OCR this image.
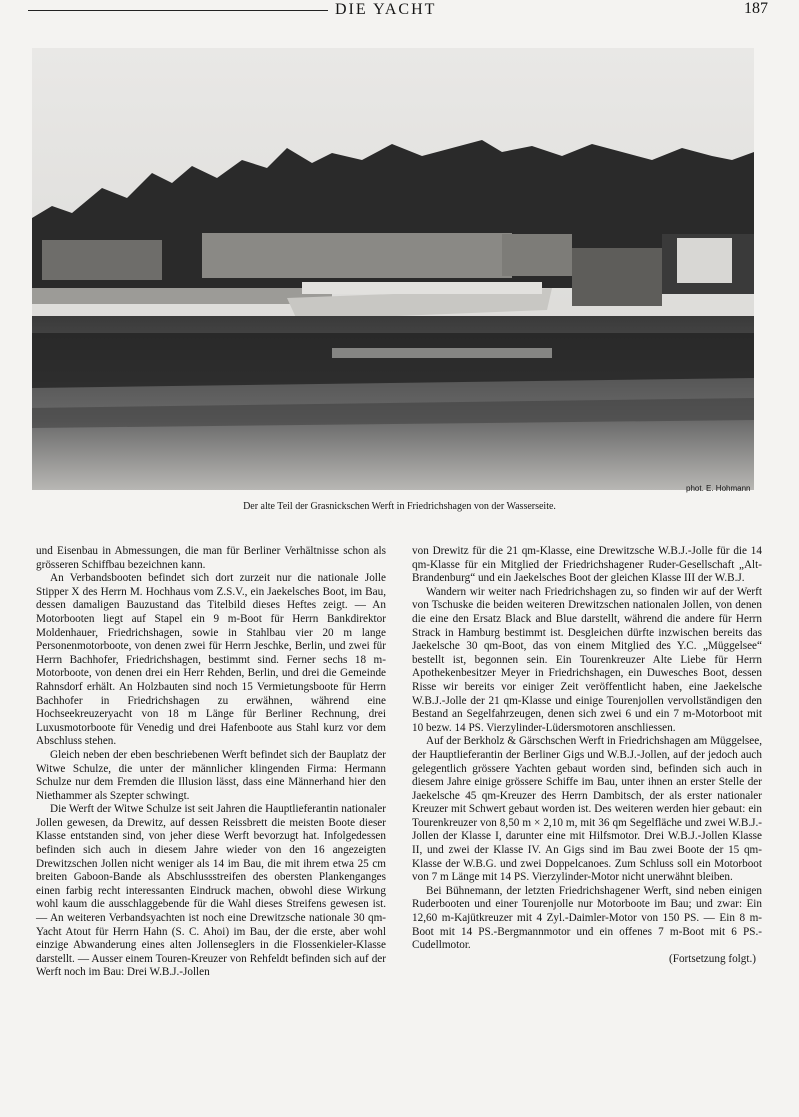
DIE YACHT	187
phot. E. Hohmann
Der alte Teil der Grasnickschen Werft in Friedrichshagen von der Wasserseite.

und Eisenbau in Abmessungen, die man für Berliner Verhältnisse schon als grösseren Schiffbau bezeichnen kann.

An Verbandsbooten befindet sich dort zurzeit nur die nationale Jolle Stipper X des Herrn M. Hochhaus vom Z.S.V., ein Jaekelsches Boot, im Bau, dessen damaligen Bauzustand das Titelbild dieses Heftes zeigt. — An Motorbooten liegt auf Stapel ein 9 m-Boot für Herrn Bankdirektor Moldenhauer, Friedrichshagen, sowie in Stahlbau vier 20 m lange Personenmotorboote, von denen zwei für Herrn Jeschke, Berlin, und zwei für Herrn Bachhofer, Friedrichshagen, bestimmt sind. Ferner sechs 18 m-Motorboote, von denen drei ein Herr Rehden, Berlin, und drei die Gemeinde Rahnsdorf erhält. An Holzbauten sind noch 15 Vermietungsboote für Herrn Bachhofer in Friedrichshagen zu erwähnen, während eine Hochseekreuzeryacht von 18 m Länge für Berliner Rechnung, drei Luxusmotorboote für Venedig und drei Hafenboote aus Stahl kurz vor dem Abschluss stehen.

Gleich neben der eben beschriebenen Werft befindet sich der Bauplatz der Witwe Schulze, die unter der männlicher klingenden Firma: Hermann Schulze nur dem Fremden die Illusion lässt, dass eine Männerhand hier den Niethammer als Szepter schwingt.

Die Werft der Witwe Schulze ist seit Jahren die Hauptlieferantin nationaler Jollen gewesen, da Drewitz, auf dessen Reissbrett die meisten Boote dieser Klasse entstanden sind, von jeher diese Werft bevorzugt hat. Infolgedessen befinden sich auch in diesem Jahre wieder von den 16 angezeigten Drewitzschen Jollen nicht weniger als 14 im Bau, die mit ihrem etwa 25 cm breiten Gaboon-Bande als Abschlussstreifen des obersten Plankenganges einen farbig recht interessanten Eindruck machen, obwohl diese Wirkung wohl kaum die ausschlaggebende für die Wahl dieses Streifens gewesen ist. — An weiteren Verbandsyachten ist noch eine Drewitzsche nationale 30 qm-Yacht Atout für Herrn Hahn (S. C. Ahoi) im Bau, der die erste, aber wohl einzige Abwanderung eines alten Jollenseglers in die Flossenkieler-Klasse darstellt. — Ausser einem Touren-Kreuzer von Rehfeldt befinden sich auf der Werft noch im Bau: Drei W.B.J.-Jollen

von Drewitz für die 21 qm-Klasse, eine Drewitzsche W.B.J.-Jolle für die 14 qm-Klasse für ein Mitglied der Friedrichshagener Ruder-Gesellschaft „Alt-Brandenburg“ und ein Jaekelsches Boot der gleichen Klasse III der W.B.J.

Wandern wir weiter nach Friedrichshagen zu, so finden wir auf der Werft von Tschuske die beiden weiteren Drewitzschen nationalen Jollen, von denen die eine den Ersatz Black and Blue darstellt, während die andere für Herrn Strack in Hamburg bestimmt ist. Desgleichen dürfte inzwischen bereits das Jaekelsche 30 qm-Boot, das von einem Mitglied des Y.C. „Müggelsee“ bestellt ist, begonnen sein. Ein Tourenkreuzer Alte Liebe für Herrn Apothekenbesitzer Meyer in Friedrichshagen, ein Duwesches Boot, dessen Risse wir bereits vor einiger Zeit veröffentlicht haben, eine Jaekelsche W.B.J.-Jolle der 21 qm-Klasse und einige Tourenjollen vervollständigen den Bestand an Segelfahrzeugen, denen sich zwei 6 und ein 7 m-Motorboot mit 10 bezw. 14 PS. Vierzylinder-Lüdersmotoren anschliessen.

Auf der Berkholz & Gärschschen Werft in Friedrichshagen am Müggelsee, der Hauptlieferantin der Berliner Gigs und W.B.J.-Jollen, auf der jedoch auch gelegentlich grössere Yachten gebaut worden sind, befinden sich auch in diesem Jahre einige grössere Schiffe im Bau, unter ihnen an erster Stelle der Jaekelsche 45 qm-Kreuzer des Herrn Dambitsch, der als erster nationaler Kreuzer mit Schwert gebaut worden ist. Des weiteren werden hier gebaut: ein Tourenkreuzer von 8,50 m × 2,10 m, mit 36 qm Segelfläche und zwei W.B.J.-Jollen der Klasse I, darunter eine mit Hilfsmotor. Drei W.B.J.-Jollen Klasse II, und zwei der Klasse IV. An Gigs sind im Bau zwei Boote der 15 qm-Klasse der W.B.G. und zwei Doppelcanoes. Zum Schluss soll ein Motorboot von 7 m Länge mit 14 PS. Vierzylinder-Motor nicht unerwähnt bleiben.

Bei Bühnemann, der letzten Friedrichshagener Werft, sind neben einigen Ruderbooten und einer Tourenjolle nur Motorboote im Bau; und zwar: Ein 12,60 m-Kajütkreuzer mit 4 Zyl.-Daimler-Motor von 150 PS. — Ein 8 m-Boot mit 14 PS.-Bergmannmotor und ein offenes 7 m-Boot mit 6 PS.-Cudellmotor.

(Fortsetzung folgt.)
